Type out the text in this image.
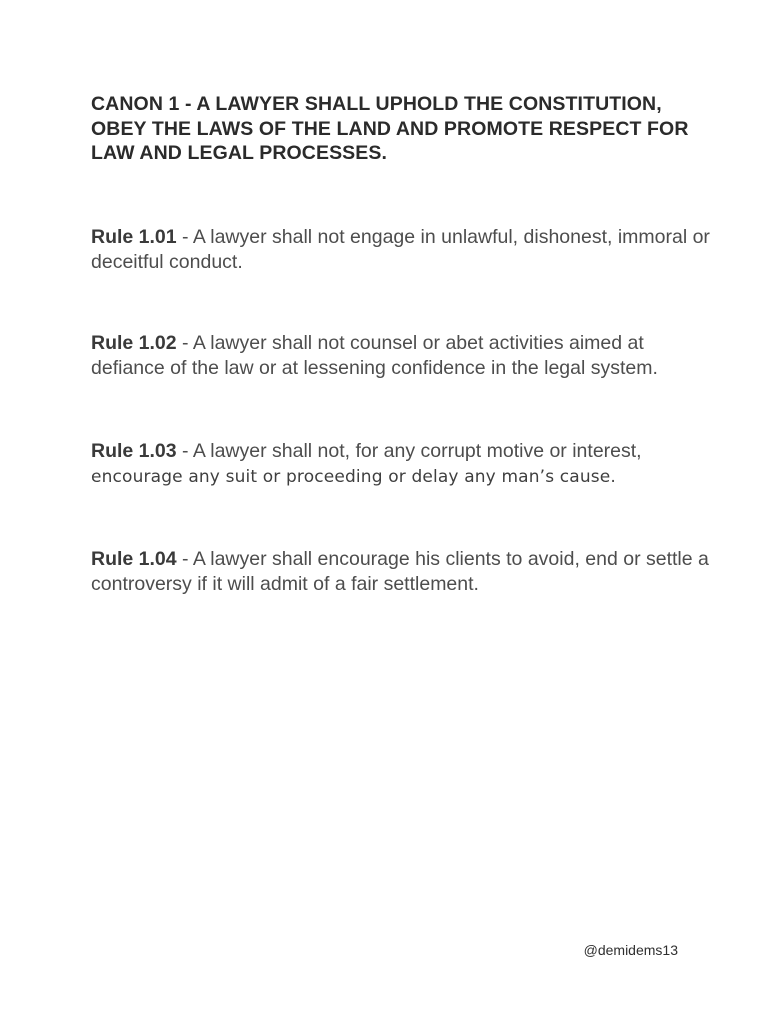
CANON 1 - A LAWYER SHALL UPHOLD THE CONSTITUTION, OBEY THE LAWS OF THE LAND AND PROMOTE RESPECT FOR LAW AND LEGAL PROCESSES.

Rule 1.01 - A lawyer shall not engage in unlawful, dishonest, immoral or deceitful conduct.

Rule 1.02 - A lawyer shall not counsel or abet activities aimed at defiance of the law or at lessening confidence in the legal system.

Rule 1.03 - A lawyer shall not, for any corrupt motive or interest, encourage any suit or proceeding or delay any man’s cause.

Rule 1.04 - A lawyer shall encourage his clients to avoid, end or settle a controversy if it will admit of a fair settlement.

@demidems13
